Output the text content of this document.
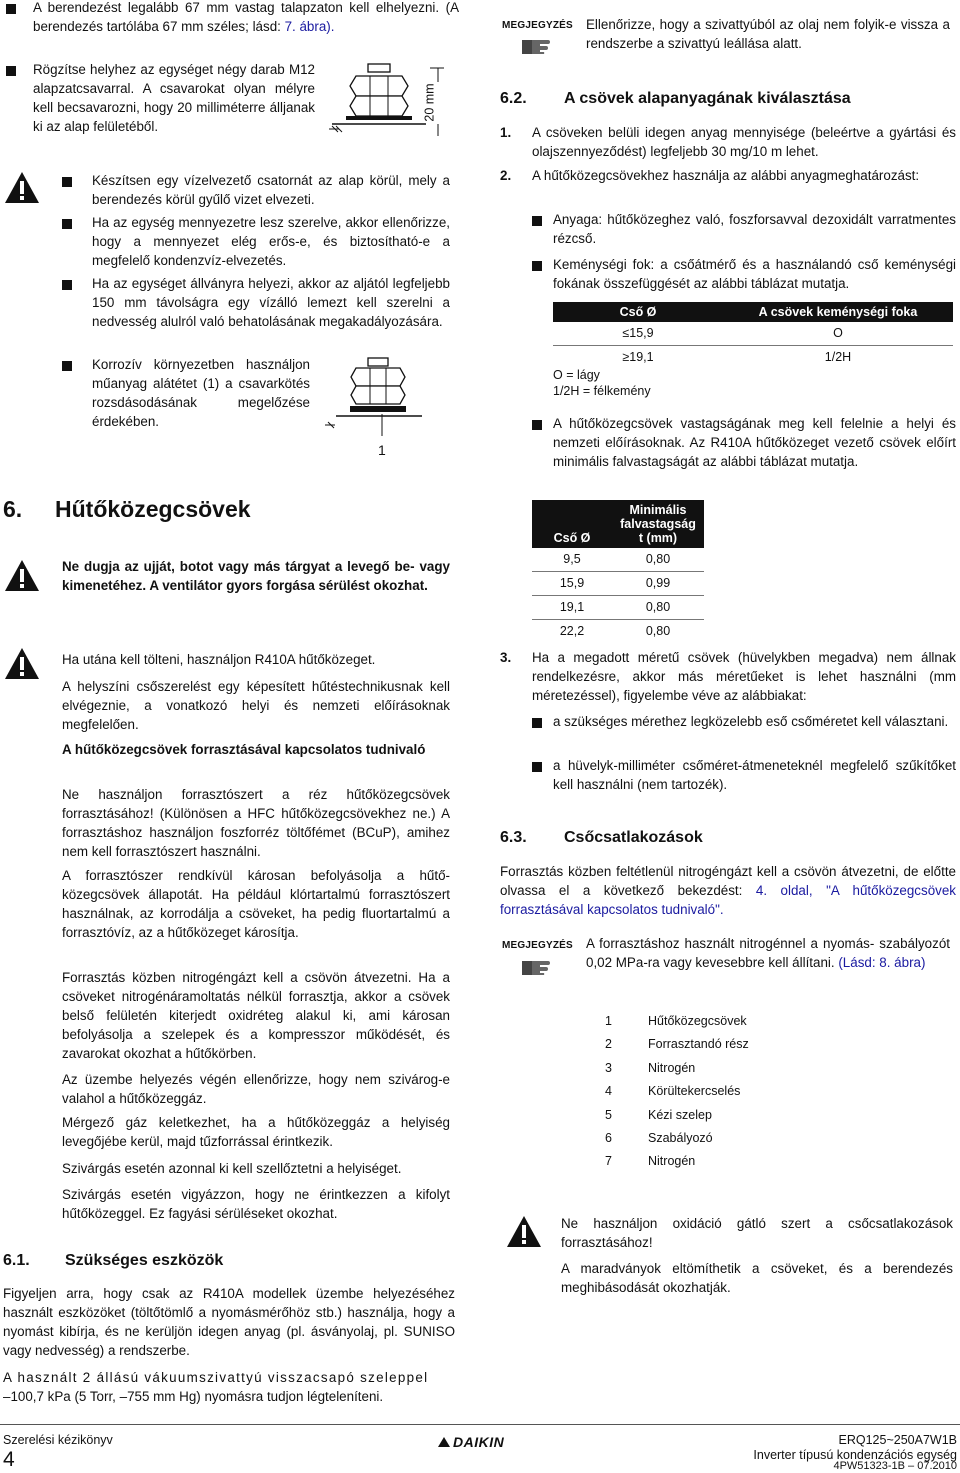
A berendezést legalább 67 mm vastag talapzaton kell elhelyezni. (A berendezés tartólába 67 mm széles; lásd: 7. ábra).
Rögzítse helyhez az egységet négy darab M12 alapzatcsavarral. A csavarokat olyan mélyre kell becsavarozni, hogy 20 milliméterre álljanak ki az alap felületéből.
20 mm
Készítsen egy vízelvezető csatornát az alap körül, mely a berendezés körül gyűlő vizet elvezeti.
Ha az egység mennyezetre lesz szerelve, akkor ellenőrizze, hogy a mennyezet elég erős-e, és biztosítható-e a megfelelő kondenzvíz-elvezetés.
Ha az egységet állványra helyezi, akkor az aljától legfeljebb 150 mm távolságra egy vízálló lemezt kell szerelni a nedvesség alulról való behatolásának megakadályozására.
Korrozív környezetben használjon műanyag alátétet (1) a csavarkötés rozsdásodásának megelőzése érdekében.
1
6. Hűtőközegcsövek
Ne dugja az ujját, botot vagy más tárgyat a levegő be- vagy kimenetéhez. A ventilátor gyors forgása sérülést okozhat.
Ha utána kell tölteni, használjon R410A hűtőközeget.
A helyszíni csőszerelést egy képesített hűtéstechnikusnak kell elvégeznie, a vonatkozó helyi és nemzeti előírásoknak megfelelően.
A hűtőközegcsövek forrasztásával kapcsolatos tudnivaló
Ne használjon forrasztószert a réz hűtőközegcsövek forrasztásához! (Különösen a HFC hűtőközegcsövekhez ne.) A forrasztáshoz használjon foszforréz töltőfémet (BCuP), amihez nem kell forrasztószert használni.
A forrasztószer rendkívül károsan befolyásolja a hűtő- közegcsövek állapotát. Ha például klórtartalmú forrasztószert használnak, az korrodálja a csöveket, ha pedig fluortartalmú a forrasztóvíz, az a hűtőközeget károsítja.
Forrasztás közben nitrogéngázt kell a csövön átvezetni. Ha a csöveket nitrogénáramoltatás nélkül forrasztja, akkor a csövek belső felületén kiterjedt oxidréteg alakul ki, ami károsan befolyásolja a szelepek és a kompresszor működését, és zavarokat okozhat a hűtőkörben.
Az üzembe helyezés végén ellenőrizze, hogy nem szivárog-e valahol a hűtőközeggáz.
Mérgező gáz keletkezhet, ha a hűtőközeggáz a helyiség levegőjébe kerül, majd tűzforrással érintkezik.
Szivárgás esetén azonnal ki kell szellőztetni a helyiséget.
Szivárgás esetén vigyázzon, hogy ne érintkezzen a kifolyt hűtőközeggel. Ez fagyási sérüléseket okozhat.
6.1. Szükséges eszközök
Figyeljen arra, hogy csak az R410A modellek üzembe helyezéséhez használt eszközöket (töltőtömlő a nyomásmérőhöz stb.) használja, hogy a nyomást kibírja, és ne kerüljön idegen anyag (pl. ásványolaj, pl. SUNISO vagy nedvesség) a rendszerbe.
A használt 2 állású vákuumszivattyú visszacsapó szeleppel
–100,7 kPa (5 Torr, –755 mm Hg) nyomásra tudjon légteleníteni.
MEGJEGYZÉS Ellenőrizze, hogy a szivattyúból az olaj nem folyik-e vissza a rendszerbe a szivattyú leállása alatt.
6.2. A csövek alapanyagának kiválasztása
1. A csöveken belüli idegen anyag mennyisége (beleértve a gyártási és olajszennyeződést) legfeljebb 30 mg/10 m lehet.
2. A hűtőközegcsövekhez használja az alábbi anyagmeghatározást:
Anyaga: hűtőközeghez való, foszforsavval dezoxidált varratmentes rézcső.
Keménységi fok: a csőátmérő és a használandó cső keménységi fokának összefüggését az alábbi táblázat mutatja.
Cső Ø	A csövek keménységi foka
≤15,9	O
≥19,1	1/2H
O = lágy
1/2H = félkemény
A hűtőközegcsövek vastagságának meg kell felelnie a helyi és nemzeti előírásoknak. Az R410A hűtőközeget vezető csövek előírt minimális falvastagságát az alábbi táblázat mutatja.
Cső Ø	Minimális falvastagság t (mm)
9,5	0,80
15,9	0,99
19,1	0,80
22,2	0,80
3. Ha a megadott méretű csövek (hüvelykben megadva) nem állnak rendelkezésre, akkor más méretűeket is lehet használni (mm méretezéssel), figyelembe véve az alábbiakat:
a szükséges mérethez legközelebb eső csőméretet kell választani.
a hüvelyk-milliméter csőméret-átmeneteknél megfelelő szűkítőket kell használni (nem tartozék).
6.3. Csőcsatlakozások
Forrasztás közben feltétlenül nitrogéngázt kell a csövön átvezetni, de előtte olvassa el a következő bekezdést: 4. oldal, "A hűtőközegcsövek forrasztásával kapcsolatos tudnivaló".
MEGJEGYZÉS A forrasztáshoz használt nitrogénnel a nyomás- szabályozót 0,02 MPa-ra vagy kevesebbre kell állítani. (Lásd: 8. ábra)
1	Hűtőközegcsövek
2	Forrasztandó rész
3	Nitrogén
4	Körültekercselés
5	Kézi szelep
6	Szabályozó
7	Nitrogén
Ne használjon oxidáció gátló szert a csőcsatlakozások forrasztásához!
A maradványok eltömíthetik a csöveket, és a berendezés meghibásodását okozhatják.
Szerelési kézikönyv
4
DAIKIN	ERQ125~250A7W1B
Inverter típusú kondenzációs egység
4PW51323-1B – 07.2010
